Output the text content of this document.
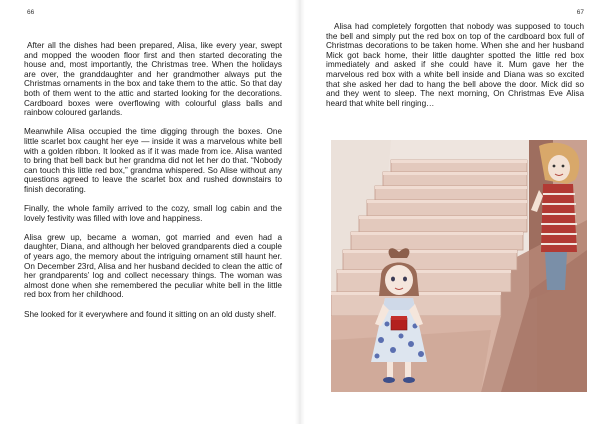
66

After all the dishes had been prepared, Alisa, like every year, swept and mopped the wooden floor first and then started decorating the house and, most importantly, the Christmas tree. When the holidays are over, the granddaughter and her grandmother always put the Christmas ornaments in the box and take them to the attic. So that day both of them went to the attic and started looking for the decorations. Cardboard boxes were overflowing with colourful glass balls and rainbow coloured garlands.

Meanwhile Alisa occupied the time digging through the boxes. One little scarlet box caught her eye — inside it was a marvelous white bell with a golden ribbon. It looked as if it was made from ice. Alisa wanted to bring that bell back but her grandma did not let her do that. “Nobody can touch this little red box,” grandma whispered. So Alise without any questions agreed to leave the scarlet box and rushed downstairs to finish decorating.

Finally, the whole family arrived to the cozy, small log cabin and the lovely festivity was filled with love and happiness.

Alisa grew up, became a woman, got married and even had a daughter, Diana, and although her beloved grandparents died a couple of years ago, the memory about the intriguing ornament still haunt her. On December 23rd, Alisa and her husband decided to clean the attic of her grandparents’ log and collect necessary things. The woman was almost done when she remembered the peculiar white bell in the little red box from her childhood.

She looked for it everywhere and found it sitting on an old dusty shelf.

67

Alisa had completely forgotten that nobody was supposed to touch the bell and simply put the red box on top of the cardboard box full of Christmas decorations to be taken home. When she and her husband Mick got back home, their little daughter spotted the little red box immediately and asked if she could have it. Mum gave her the marvelous red box with a white bell inside and Diana was so excited that she asked her dad to hang the bell above the door. Mick did so and they went to sleep. The next morning, On Christmas Eve Alisa heard that white bell ringing…
